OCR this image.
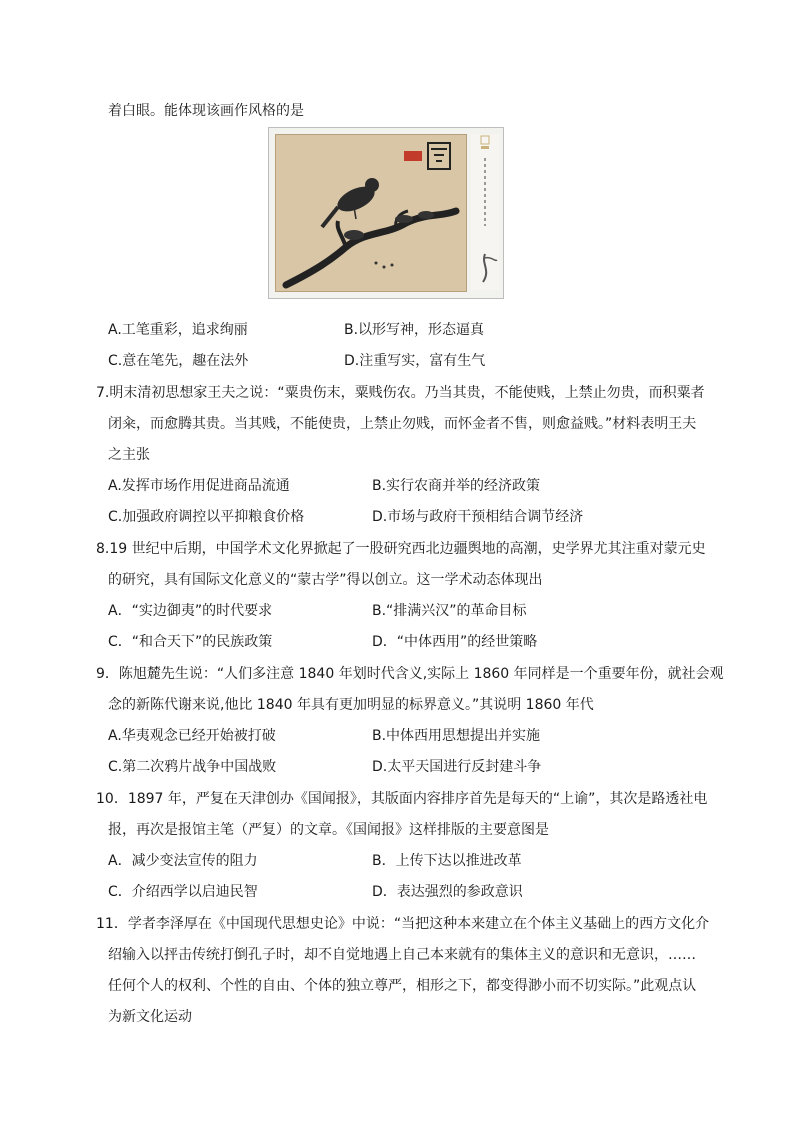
着白眼。能体现该画作风格的是
A.工笔重彩，追求绚丽	B.以形写神，形态逼真
C.意在笔先，趣在法外	D.注重写实，富有生气
7.明末清初思想家王夫之说：“粟贵伤末，粟贱伤农。乃当其贵，不能使贱，上禁止勿贵，而积粟者
闭籴，而愈腾其贵。当其贱，不能使贵，上禁止勿贱，而怀金者不售，则愈益贱。”材料表明王夫
之主张
A.发挥市场作用促进商品流通	B.实行农商并举的经济政策
C.加强政府调控以平抑粮食价格	D.市场与政府干预相结合调节经济
8.19 世纪中后期，中国学术文化界掀起了一股研究西北边疆舆地的高潮，史学界尤其注重对蒙元史
的研究，具有国际文化意义的“蒙古学”得以创立。这一学术动态体现出
A．“实边御夷”的时代要求	B.“排满兴汉”的革命目标
C．“和合天下”的民族政策	D．“中体西用”的经世策略
9．陈旭麓先生说：“人们多注意 1840 年划时代含义,实际上 1860 年同样是一个重要年份，就社会观
念的新陈代谢来说,他比 1840 年具有更加明显的标界意义。”其说明 1860 年代
A.华夷观念已经开始被打破	B.中体西用思想提出并实施
C.第二次鸦片战争中国战败	D.太平天国进行反封建斗争
10．1897 年，严复在天津创办《国闻报》，其版面内容排序首先是每天的“上谕”，其次是路透社电
报，再次是报馆主笔（严复）的文章。《国闻报》这样排版的主要意图是
A．减少变法宣传的阻力	B．上传下达以推进改革
C．介绍西学以启迪民智	D．表达强烈的参政意识
11．学者李泽厚在《中国现代思想史论》中说：“当把这种本来建立在个体主义基础上的西方文化介
绍输入以抨击传统打倒孔子时，却不自觉地遇上自己本来就有的集体主义的意识和无意识，……
任何个人的权利、个性的自由、个体的独立尊严，相形之下，都变得渺小而不切实际。”此观点认
为新文化运动
